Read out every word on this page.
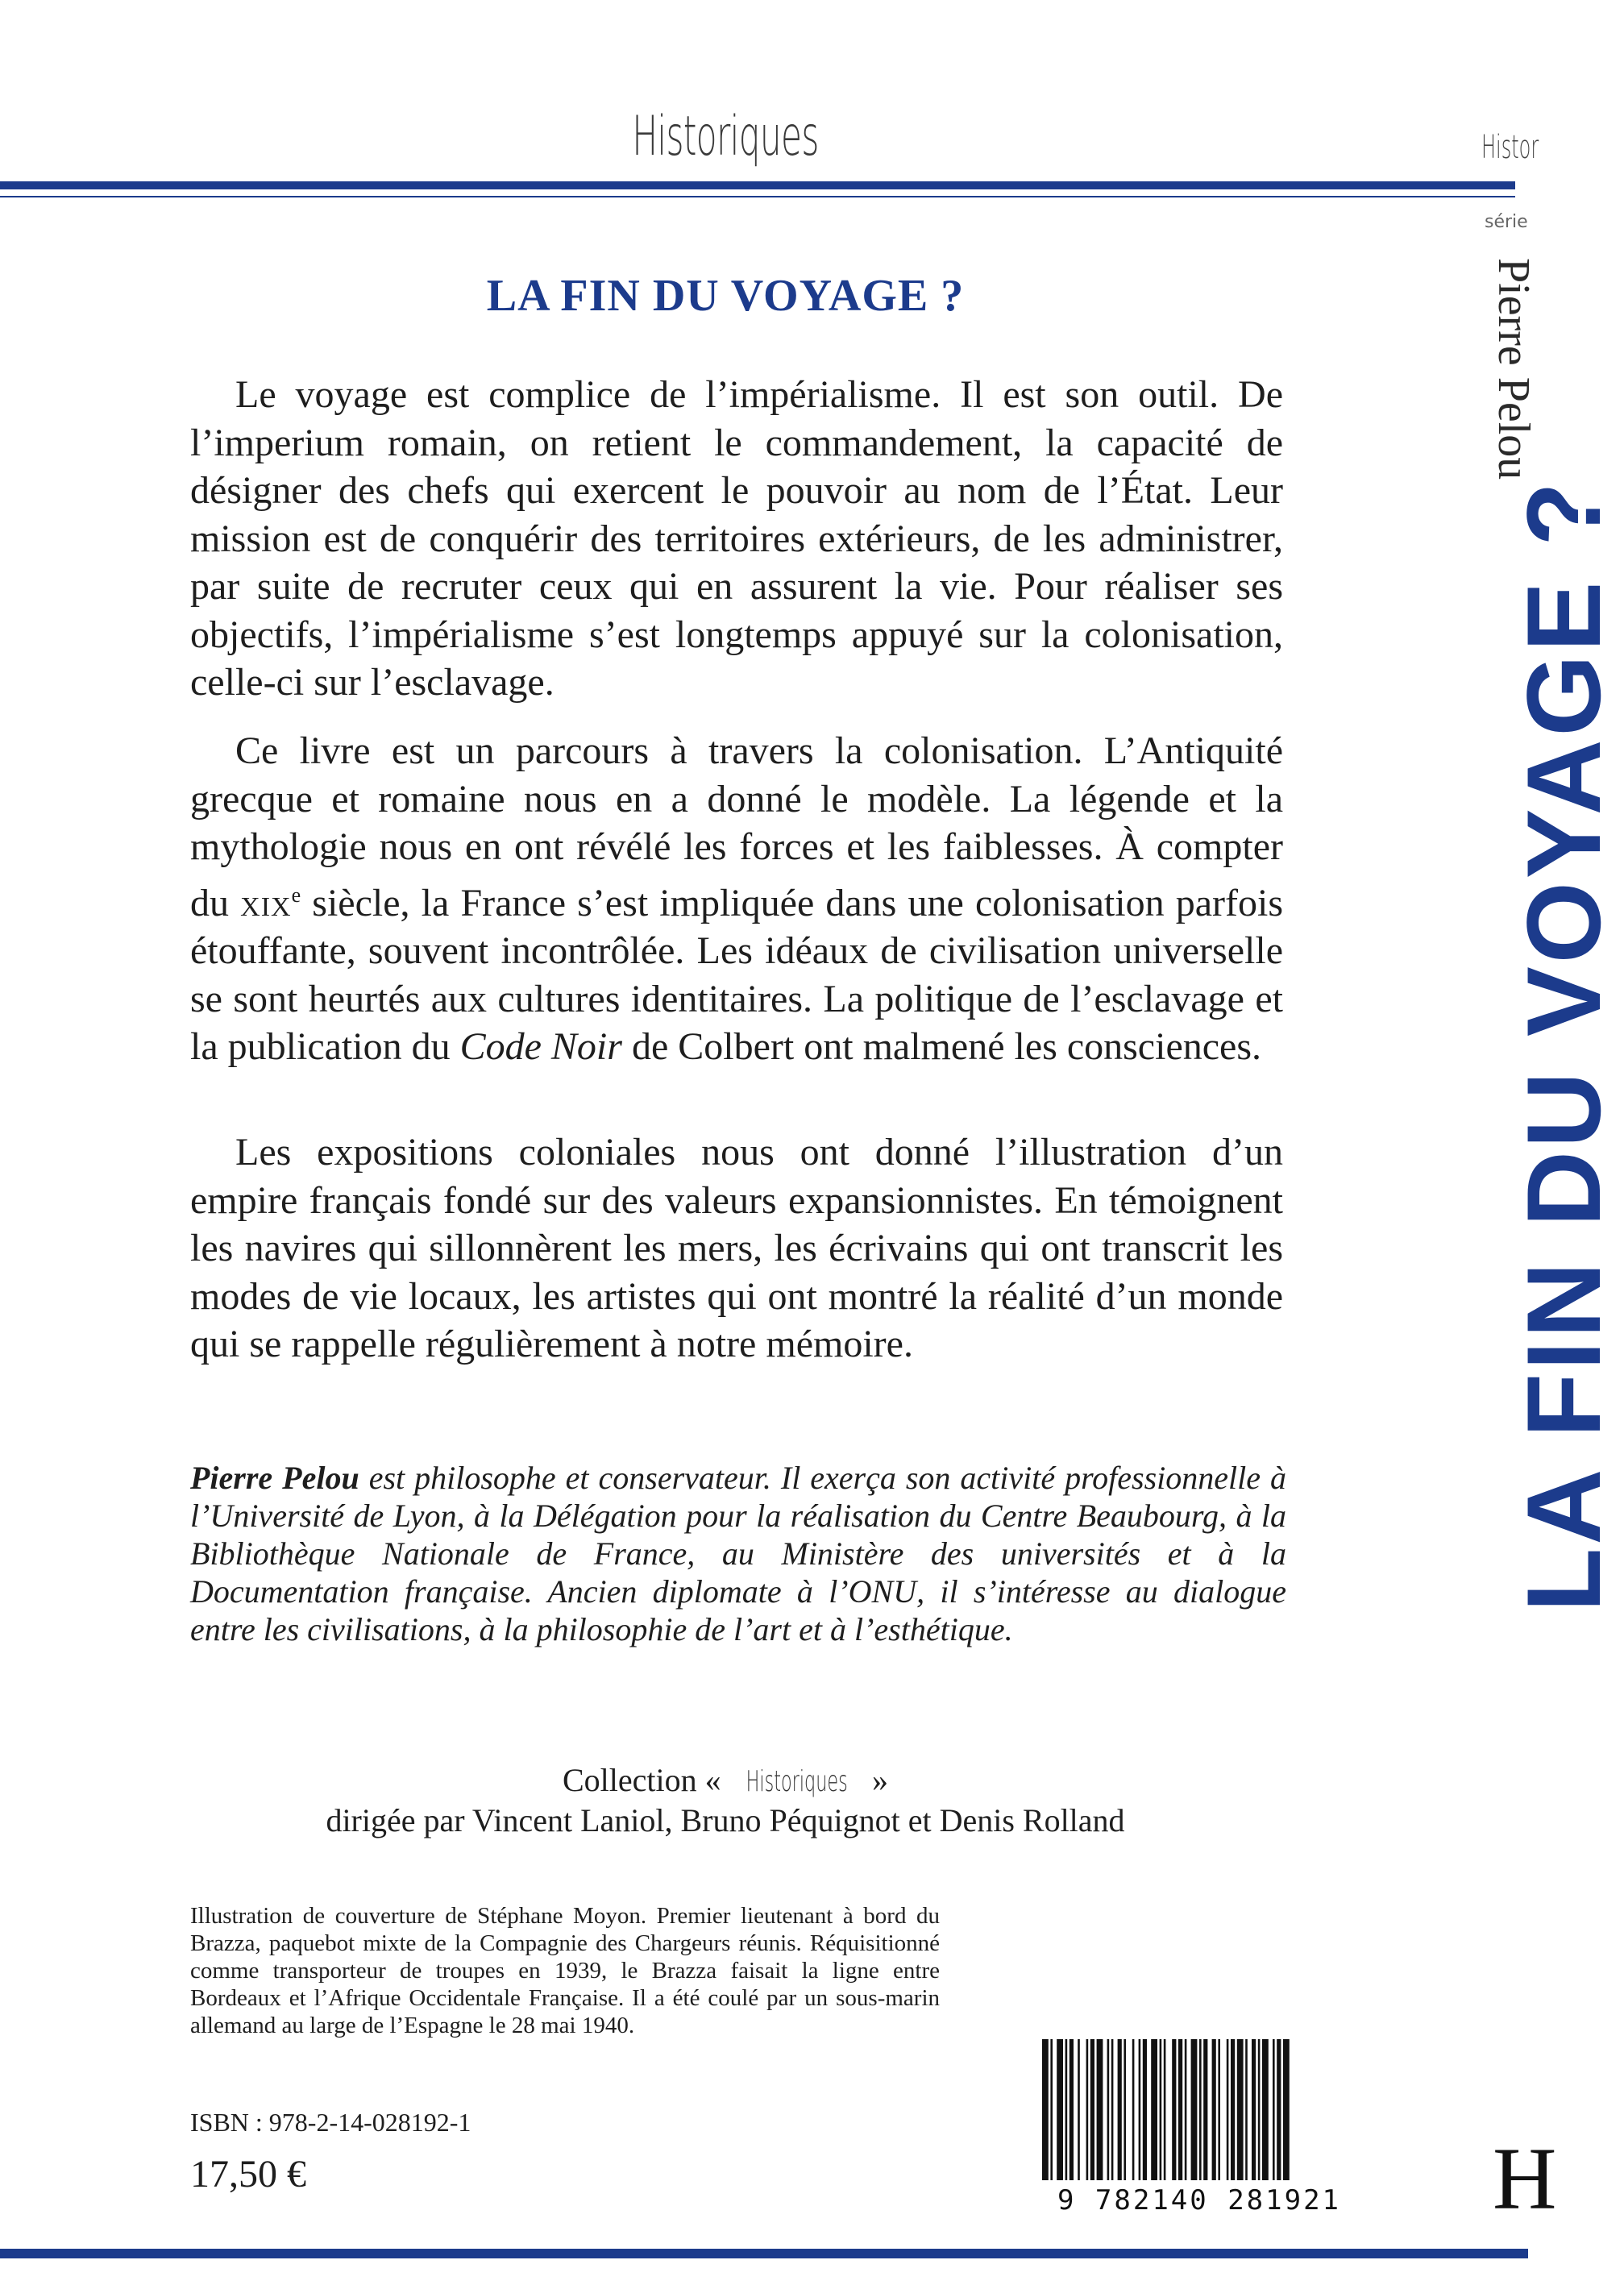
Historiques	Histor
série
Pierre Pelou
LA FIN DU VOYAGE ?
H
LA FIN DU VOYAGE ?
Le voyage est complice de l’impérialisme. Il est son outil. De l’imperium romain, on retient le commandement, la capacité de désigner des chefs qui exercent le pouvoir au nom de l’État. Leur mission est de conquérir des territoires extérieurs, de les administrer, par suite de recruter ceux qui en assurent la vie. Pour réaliser ses objectifs, l’impérialisme s’est longtemps appuyé sur la colonisation, celle-ci sur l’esclavage.
Ce livre est un parcours à travers la colonisation. L’Antiquité grecque et romaine nous en a donné le modèle. La légende et la mythologie nous en ont révélé les forces et les faiblesses. À compter du xix$^e$ siècle, la France s’est impliquée dans une colonisation parfois étouffante, souvent incontrôlée. Les idéaux de civilisation universelle se sont heurtés aux cultures identitaires. La politique de l’esclavage et la publication du Code Noir de Colbert ont malmené les consciences.
Les expositions coloniales nous ont donné l’illustration d’un empire français fondé sur des valeurs expansionnistes. En témoignent les navires qui sillonnèrent les mers, les écrivains qui ont transcrit les modes de vie locaux, les artistes qui ont montré la réalité d’un monde qui se rappelle régulièrement à notre mémoire.
Pierre Pelou est philosophe et conservateur. Il exerça son activité professionnelle à l’Université de Lyon, à la Délégation pour la réalisation du Centre Beaubourg, à la Bibliothèque Nationale de France, au Ministère des universités et à la Documentation française. Ancien diplomate à l’ONU, il s’intéresse au dialogue entre les civilisations, à la philosophie de l’art et à l’esthétique.
Collection « Historiques »
dirigée par Vincent Laniol, Bruno Péquignot et Denis Rolland
Illustration de couverture de Stéphane Moyon. Premier lieutenant à bord du Brazza, paquebot mixte de la Compagnie des Chargeurs réunis. Réquisitionné comme transporteur de troupes en 1939, le Brazza faisait la ligne entre Bordeaux et l’Afrique Occidentale Française. Il a été coulé par un sous-marin allemand au large de l’Espagne le 28 mai 1940.
ISBN : 978-2-14-028192-1
17,50 €
9 782140 281921
